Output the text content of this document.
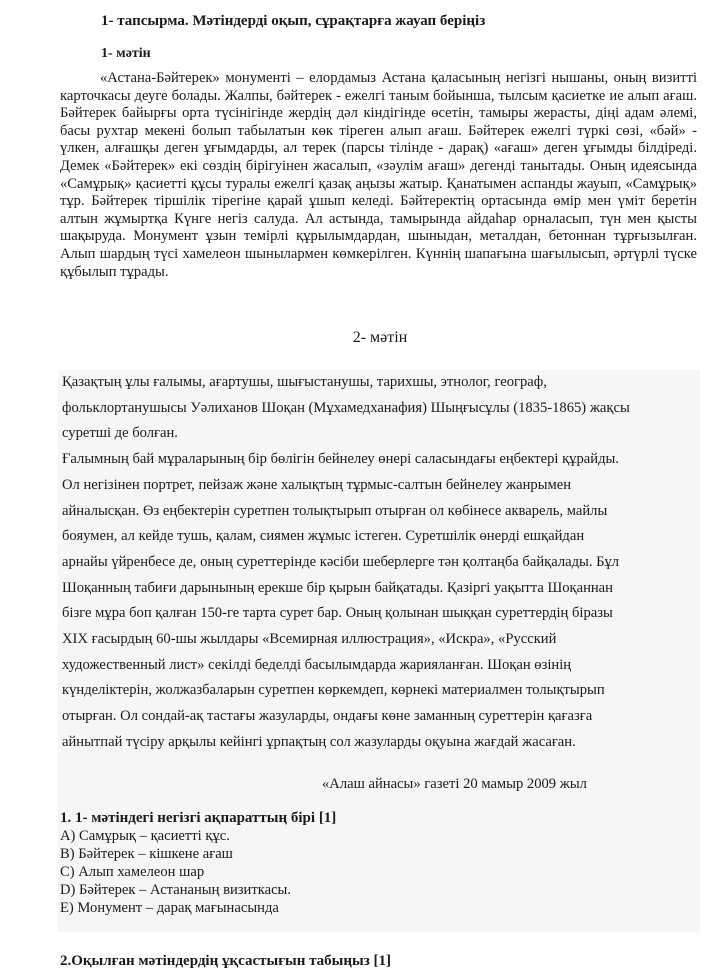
1- тапсырма. Мәтіндерді оқып, сұрақтарға жауап беріңіз
1- мәтін

«Астана-Бәйтерек» монументі – елордамыз Астана қаласының негізгі нышаны, оның визитті карточкасы деуге болады. Жалпы, бәйтерек - ежелгі таным бойынша, тылсым қасиетке ие алып ағаш. Бәйтерек байырғы орта түсінігінде жердің дәл кіндігінде өсетін, тамыры жерасты, діңі адам әлемі, басы рухтар мекені болып табылатын көк тіреген алып ағаш. Бәйтерек ежелгі түркі сөзі, «бәй» - үлкен, алғашқы деген ұғымдарды, ал терек (парсы тілінде - дарақ) «ағаш» деген ұғымды білдіреді. Демек «Бәйтерек» екі сөздің бірігуінен жасалып, «зәулім ағаш» дегенді танытады. Оның идеясында «Самұрық» қасиетті құсы туралы ежелгі қазақ аңызы жатыр. Қанатымен аспанды жауып, «Самұрық» тұр. Бәйтерек тіршілік тірегіне қарай ұшып келеді. Бәйтеректің ортасында өмір мен үміт беретін алтын жұмыртқа Күнге негіз салуда. Ал астында, тамырында айдаһар орналасып, түн мен қысты шақыруда. Монумент ұзын темірлі құрылымдардан, шыныдан, металдан, бетоннан тұрғызылған. Алып шардың түсі хамелеон шынылармен көмкерілген. Күннің шапағына шағылысып, әртүрлі түске құбылып тұрады.

2- мәтін
Қазақтың ұлы ғалымы, ағартушы, шығыстанушы, тарихшы, этнолог, географ,
фольклортанушысы Уәлиханов Шоқан (Мұхамедханафия) Шыңғысұлы (1835-1865) жақсы
суретші де болған.
Ғалымның бай мұраларының бір бөлігін бейнелеу өнері саласындағы еңбектері құрайды.
Ол негізінен портрет, пейзаж және халықтың тұрмыс-салтын бейнелеу жанрымен
айналысқан. Өз еңбектерін суретпен толықтырып отырған ол көбінесе акварель, майлы
бояумен, ал кейде тушь, қалам, сиямен жұмыс істеген. Суретшілік өнерді ешқайдан
арнайы үйренбесе де, оның суреттерінде кәсіби шеберлерге тән қолтаңба байқалады. Бұл
Шоқанның табиғи дарынының ерекше бір қырын байқатады. Қазіргі уақытта Шоқаннан
бізге мұра боп қалған 150-ге тарта сурет бар. Оның қолынан шыққан суреттердің біразы
XIX ғасырдың 60-шы жылдары «Всемирная иллюстрация», «Искра», «Русский
художественный лист» секілді беделді басылымдарда жарияланған. Шоқан өзінің
күнделіктерін, жолжазбаларын суретпен көркемдеп, көрнекі материалмен толықтырып
отырған. Ол сондай-ақ тастағы жазуларды, ондағы көне заманның суреттерін қағазға
айнытпай түсіру арқылы кейінгі ұрпақтың сол жазуларды оқуына жағдай жасаған.
«Алаш айнасы» газеті 20 мамыр 2009 жыл
1. 1- мәтіндегі негізгі ақпараттың бірі [1]
A) Самұрық – қасиетті құс.
B) Бәйтерек – кішкене ағаш
C) Алып хамелеон шар
D) Бәйтерек – Астананың визиткасы.
E) Монумент – дарақ мағынасында
2.Оқылған мәтіндердің ұқсастығын табыңыз [1]
